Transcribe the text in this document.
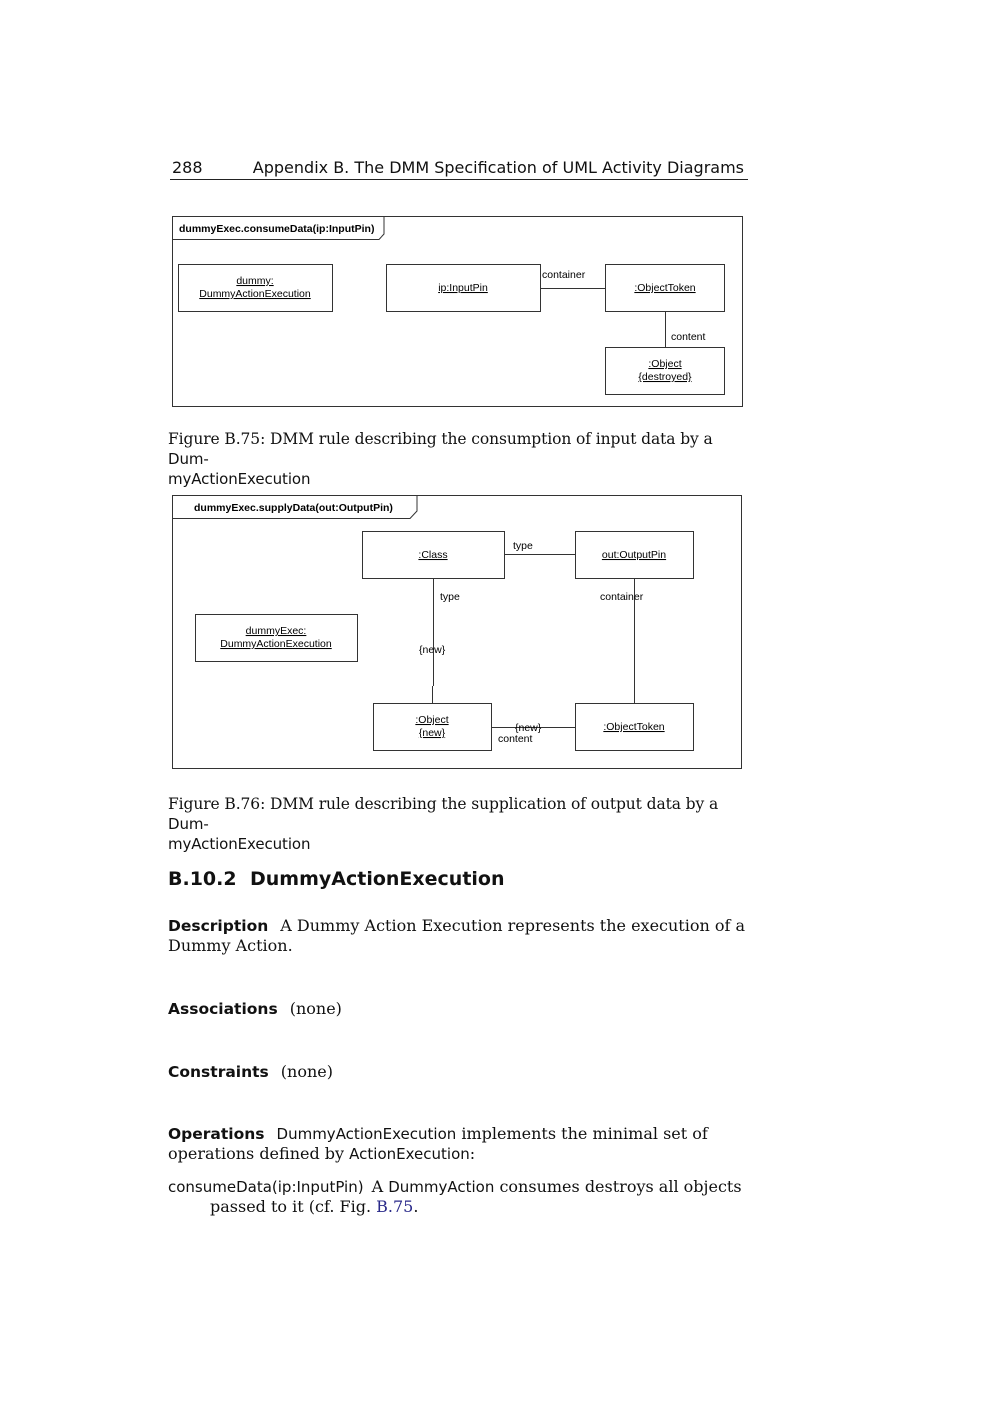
288	Appendix B. The DMM Specification of UML Activity Diagrams
dummyExec.consumeData(ip:InputPin)
dummy:
DummyActionExecution	ip:InputPin	:ObjectToken
:Object
{destroyed}
container
content
Figure B.75: DMM rule describing the consumption of input data by a Dum-
myActionExecution
dummyExec.supplyData(out:OutputPin)
:Class	out:OutputPin
dummyExec:
DummyActionExecution
:Object
{new}	:ObjectToken
type
type
{new}
container
{new}
content
Figure B.76: DMM rule describing the supplication of output data by a Dum-
myActionExecution
B.10.2 DummyActionExecution
Description A Dummy Action Execution represents the execution of a Dummy Action.
Associations (none)
Constraints (none)
Operations DummyActionExecution implements the minimal set of operations defined by ActionExecution:
consumeData(ip:InputPin) A DummyAction consumes destroys all objects passed to it (cf. Fig. B.75.
